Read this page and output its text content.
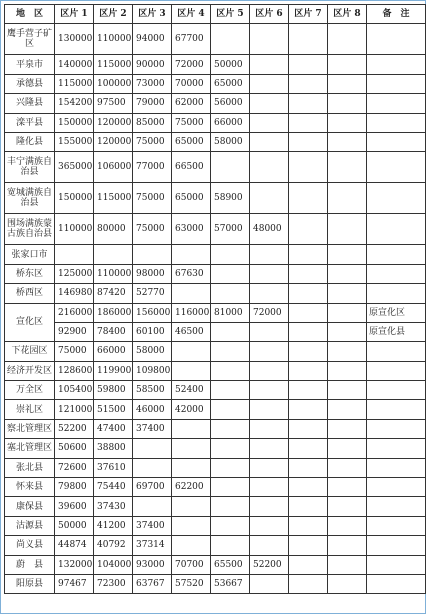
地　区	区片 1	区片 2	区片 3	区片 4	区片 5	区片 6	区片 7	区片 8	备　注
鹰手营子矿区	130000	110000	94000	67700					
平泉市	140000	115000	90000	72000	50000				
承德县	115000	100000	73000	70000	65000				
兴隆县	154200	97500	79000	62000	56000				
滦平县	150000	120000	85000	75000	66000				
隆化县	155000	120000	75000	65000	58000				
丰宁满族自治县	365000	106000	77000	66500					
宽城满族自治县	150000	115000	75000	65000	58900				
围场满族蒙古族自治县	110000	80000	75000	63000	57000	48000			
张家口市									
桥东区	125000	110000	98000	67630					
桥西区	146980	87420	52770						
宣化区	216000	186000	156000	116000	81000	72000			原宣化区
	92900	78400	60100	46500					原宣化县
下花园区	75000	66000	58000						
经济开发区	128600	119900	109800						
万全区	105400	59800	58500	52400					
崇礼区	121000	51500	46000	42000					
察北管理区	52200	47400	37400						
塞北管理区	50600	38800							
张北县	72600	37610							
怀来县	79800	75440	69700	62200					
康保县	39600	37430							
沽源县	50000	41200	37400						
尚义县	44874	40792	37314						
蔚　县	132000	104000	93000	70700	65500	52200			
阳原县	97467	72300	63767	57520	53667				
